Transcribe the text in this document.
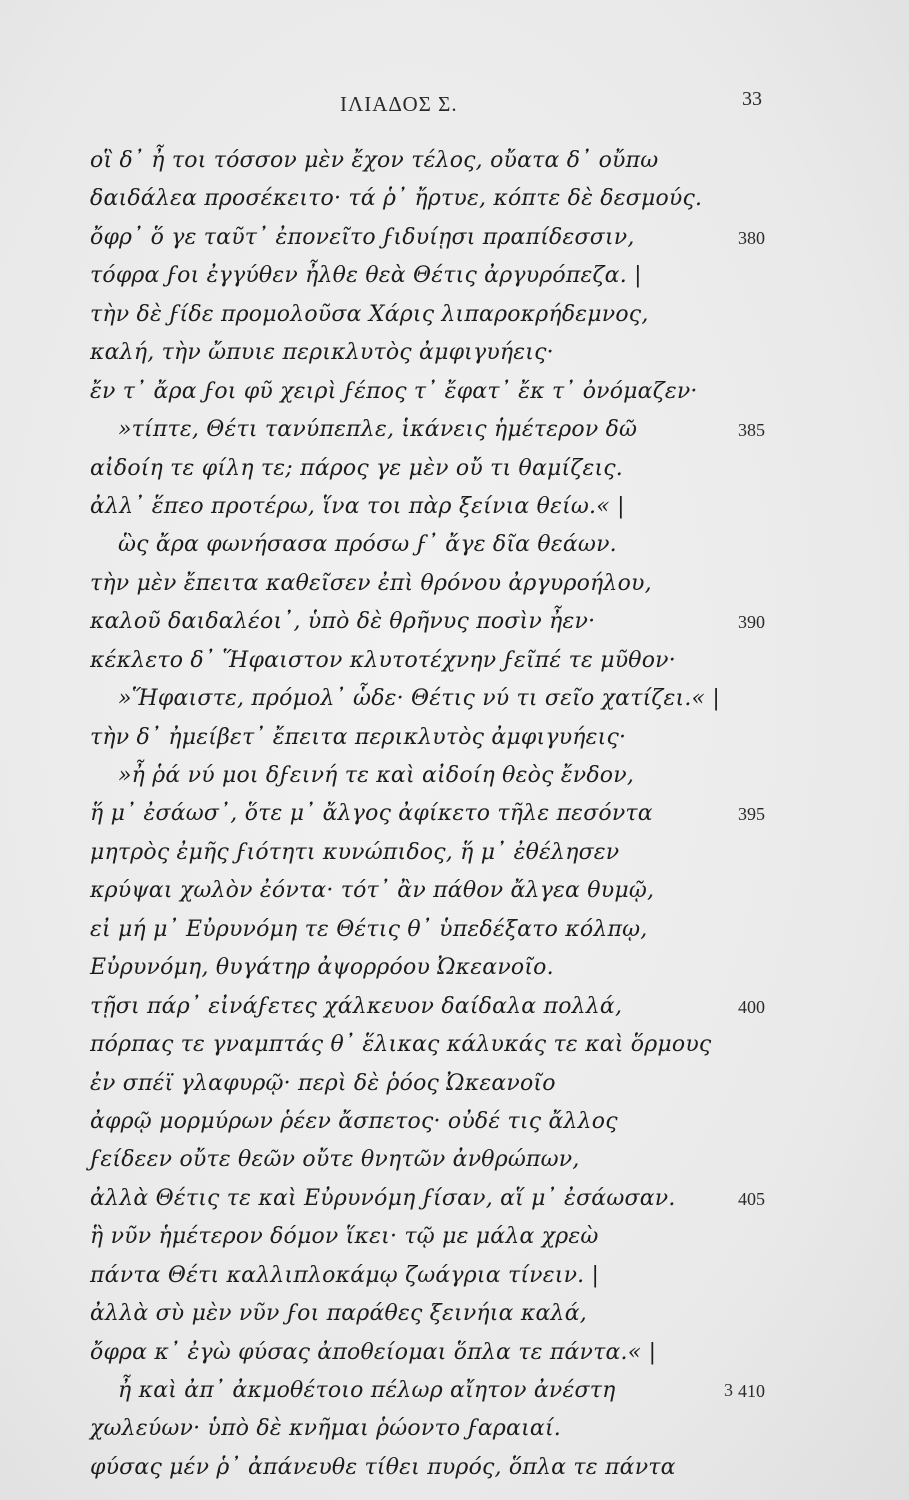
ΙΛΙΑΔΟΣ Σ.	33
οἳ δ᾽ ἦ τοι τόσσον μὲν ἔχον τέλος, οὔατα δ᾽ οὔπω
δαιδάλεα προσέκειτο· τά ῥ᾽ ἤρτυε, κόπτε δὲ δεσμούς.
ὄφρ᾽ ὅ γε ταῦτ᾽ ἐπονεῖτο ϝιδυίῃσι πραπίδεσσιν,	380
τόφρα ϝοι ἐγγύθεν ἦλθε θεὰ Θέτις ἀργυρόπεζα. |
τὴν δὲ ϝίδε προμολοῦσα Χάρις λιπαροκρήδεμνος,
καλή, τὴν ὤπυιε περικλυτὸς ἀμφιγυήεις·
ἔν τ᾽ ἄρα ϝοι φῦ χειρὶ ϝέπος τ᾽ ἔφατ᾽ ἔκ τ᾽ ὀνόμαζεν·
»τίπτε, Θέτι τανύπεπλε, ἱκάνεις ἡμέτερον δῶ	385
αἰδοίη τε φίλη τε; πάρος γε μὲν οὔ τι θαμίζεις.
ἀλλ᾽ ἕπεο προτέρω, ἵνα τοι πὰρ ξείνια θείω.« |
ὣς ἄρα φωνήσασα πρόσω ϝ᾽ ἄγε δῖα θεάων.
τὴν μὲν ἔπειτα καθεῖσεν ἐπὶ θρόνου ἀργυροήλου,
καλοῦ δαιδαλέοι᾽, ὑπὸ δὲ θρῆνυς ποσὶν ἦεν·	390
κέκλετο δ᾽ Ἥφαιστον κλυτοτέχνην ϝεῖπέ τε μῦθον·
»Ἥφαιστε, πρόμολ᾽ ὧδε· Θέτις νύ τι σεῖο χατίζει.« |
τὴν δ᾽ ἠμείβετ᾽ ἔπειτα περικλυτὸς ἀμφιγυήεις·
»ἦ ῥά νύ μοι δϝεινή τε καὶ αἰδοίη θεὸς ἔνδον,
ἥ μ᾽ ἐσάωσ᾽, ὅτε μ᾽ ἄλγος ἀφίκετο τῆλε πεσόντα	395
μητρὸς ἐμῆς ϝιότητι κυνώπιδος, ἥ μ᾽ ἐθέλησεν
κρύψαι χωλὸν ἐόντα· τότ᾽ ἂν πάθον ἄλγεα θυμῷ,
εἰ μή μ᾽ Εὐρυνόμη τε Θέτις θ᾽ ὑπεδέξατο κόλπῳ,
Εὐρυνόμη, θυγάτηρ ἀψορρόου Ὠκεανοῖο.
τῇσι πάρ᾽ εἰνάϝετες χάλκευον δαίδαλα πολλά,	400
πόρπας τε γναμπτάς θ᾽ ἕλικας κάλυκάς τε καὶ ὅρμους
ἐν σπέϊ γλαφυρῷ· περὶ δὲ ῥόος Ὠκεανοῖο
ἀφρῷ μορμύρων ῥέεν ἄσπετος· οὐδέ τις ἄλλος
ϝείδεεν οὔτε θεῶν οὔτε θνητῶν ἀνθρώπων,
ἀλλὰ Θέτις τε καὶ Εὐρυνόμη ϝίσαν, αἵ μ᾽ ἐσάωσαν.	405
ἣ νῦν ἡμέτερον δόμον ἵκει· τῷ με μάλα χρεὼ
πάντα Θέτι καλλιπλοκάμῳ ζωάγρια τίνειν. |
ἀλλὰ σὺ μὲν νῦν ϝοι παράθες ξεινήια καλά,
ὄφρα κ᾽ ἐγὼ φύσας ἀποθείομαι ὅπλα τε πάντα.« |
ἦ καὶ ἀπ᾽ ἀκμοθέτοιο πέλωρ αἴητον ἀνέστη	410
χωλεύων· ὑπὸ δὲ κνῆμαι ῥώοντο ϝαραιαί.
φύσας μέν ῥ᾽ ἀπάνευθε τίθει πυρός, ὅπλα τε πάντα
3
